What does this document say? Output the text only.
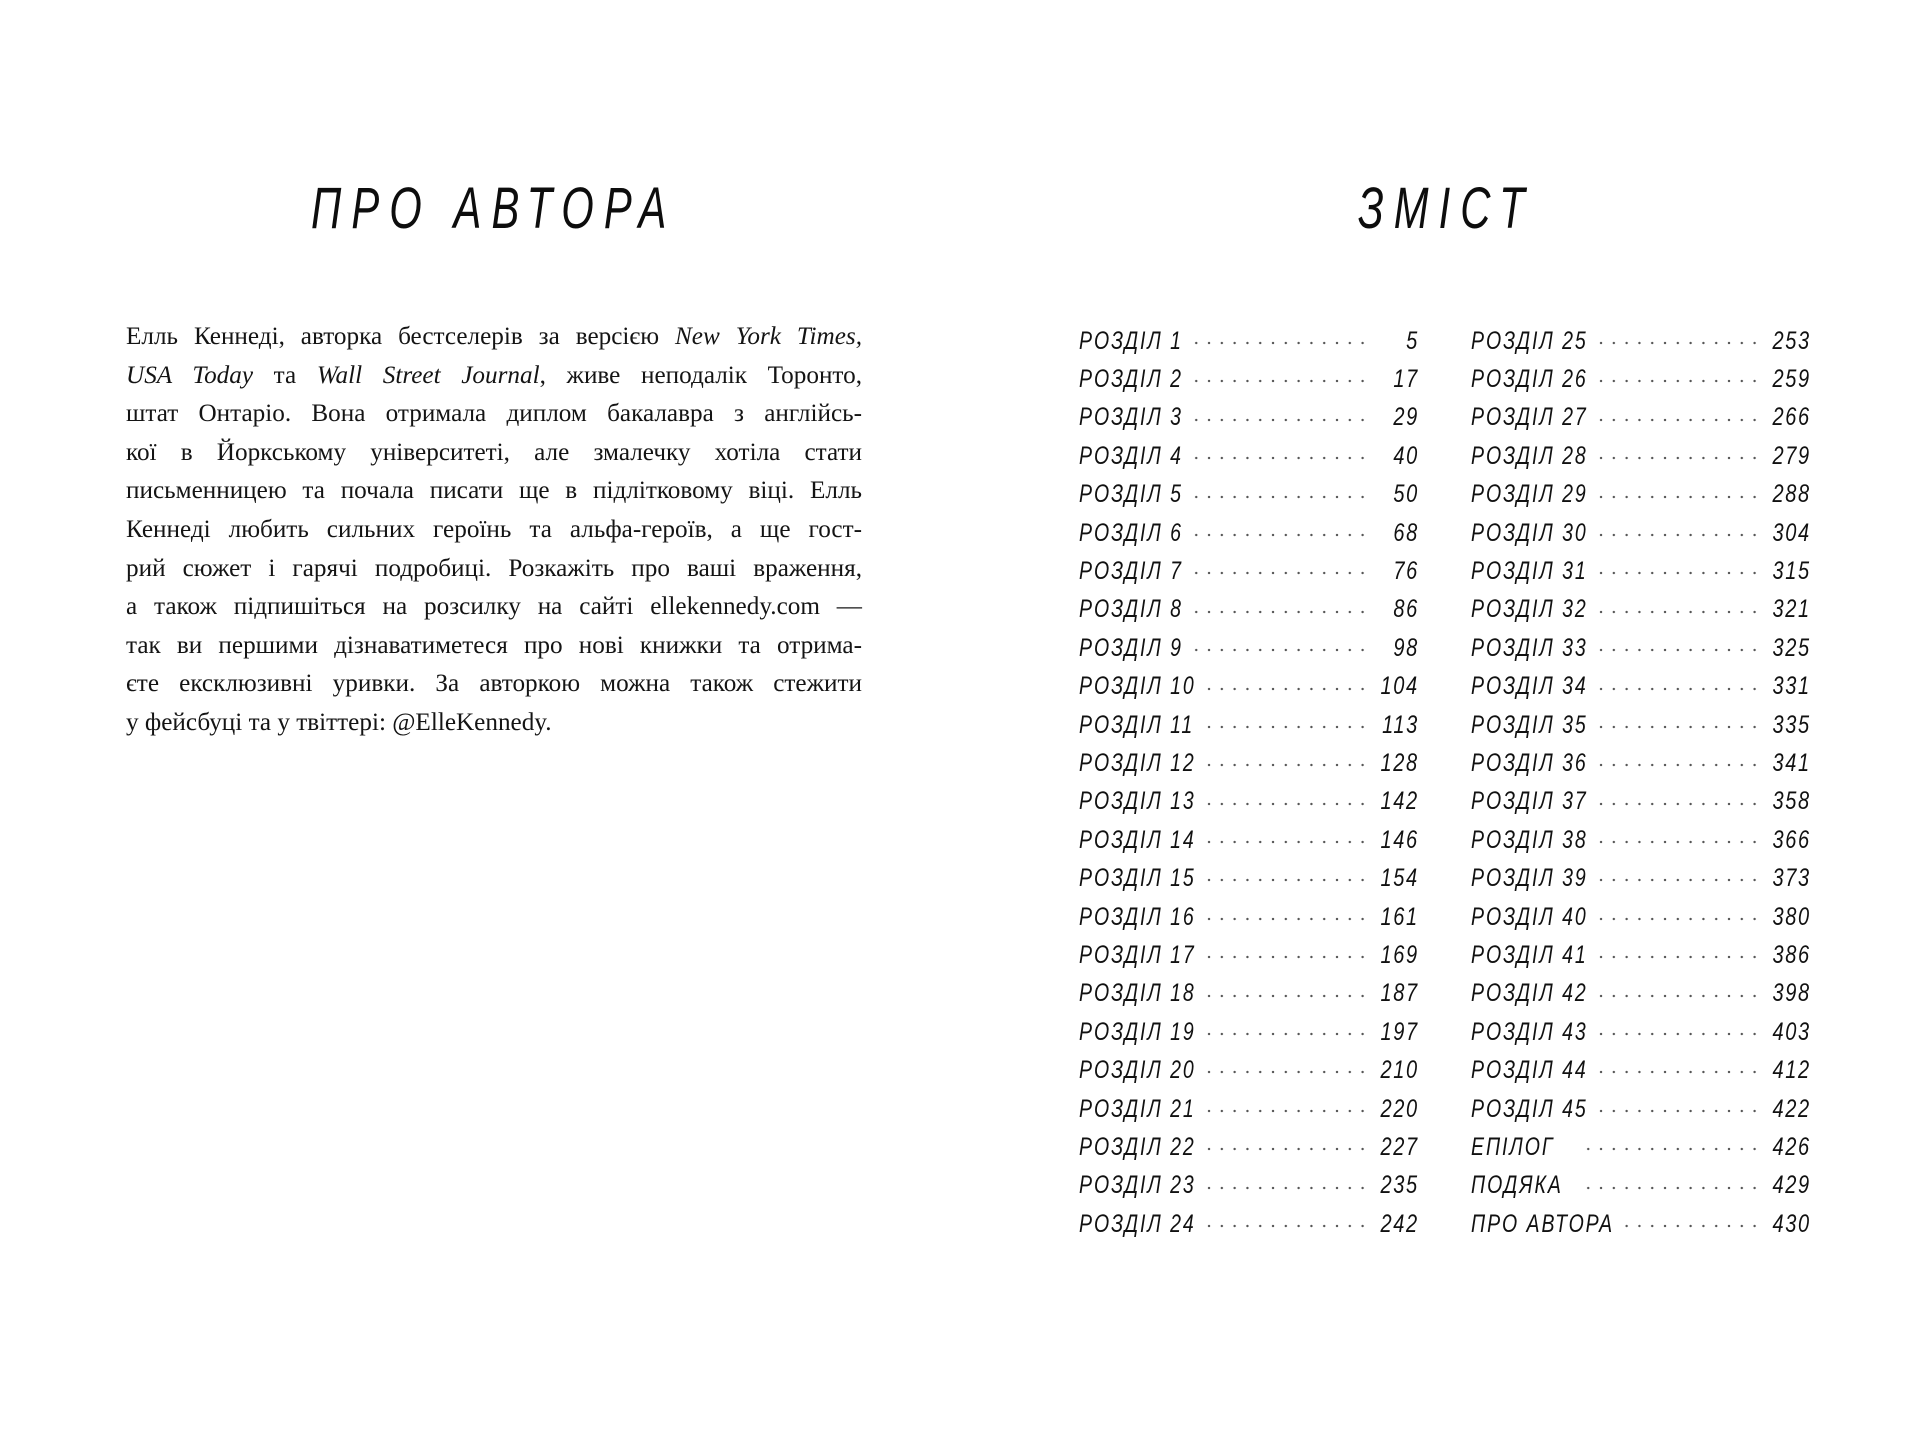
ПРО АВТОРА
Елль Кеннеді, авторка бестселерів за версією New York Times,
USA Today та Wall Street Journal, живе неподалік Торонто,
штат Онтаріо. Вона отримала диплом бакалавра з англійсь-
кої в Йоркському університеті, але змалечку хотіла стати
письменницею та почала писати ще в підлітковому віці. Елль
Кеннеді любить сильних героїнь та альфа-героїв, а ще гост-
рий сюжет і гарячі подробиці. Розкажіть про ваші враження,
а також підпишіться на розсилку на сайті ellekennedy.com —
так ви першими дізнаватиметеся про нові книжки та отрима-
єте ексклюзивні уривки. За авторкою можна також стежити
у фейсбуці та у твіттері: @ElleKennedy.
ЗМІСТ
РОЗДІЛ 1	5
РОЗДІЛ 2	17
РОЗДІЛ 3	29
РОЗДІЛ 4	40
РОЗДІЛ 5	50
РОЗДІЛ 6	68
РОЗДІЛ 7	76
РОЗДІЛ 8	86
РОЗДІЛ 9	98
РОЗДІЛ 10	104
РОЗДІЛ 11	113
РОЗДІЛ 12	128
РОЗДІЛ 13	142
РОЗДІЛ 14	146
РОЗДІЛ 15	154
РОЗДІЛ 16	161
РОЗДІЛ 17	169
РОЗДІЛ 18	187
РОЗДІЛ 19	197
РОЗДІЛ 20	210
РОЗДІЛ 21	220
РОЗДІЛ 22	227
РОЗДІЛ 23	235
РОЗДІЛ 24	242
РОЗДІЛ 25	253
РОЗДІЛ 26	259
РОЗДІЛ 27	266
РОЗДІЛ 28	279
РОЗДІЛ 29	288
РОЗДІЛ 30	304
РОЗДІЛ 31	315
РОЗДІЛ 32	321
РОЗДІЛ 33	325
РОЗДІЛ 34	331
РОЗДІЛ 35	335
РОЗДІЛ 36	341
РОЗДІЛ 37	358
РОЗДІЛ 38	366
РОЗДІЛ 39	373
РОЗДІЛ 40	380
РОЗДІЛ 41	386
РОЗДІЛ 42	398
РОЗДІЛ 43	403
РОЗДІЛ 44	412
РОЗДІЛ 45	422
ЕПІЛОГ	426
ПОДЯКА	429
ПРО АВТОРА	430
